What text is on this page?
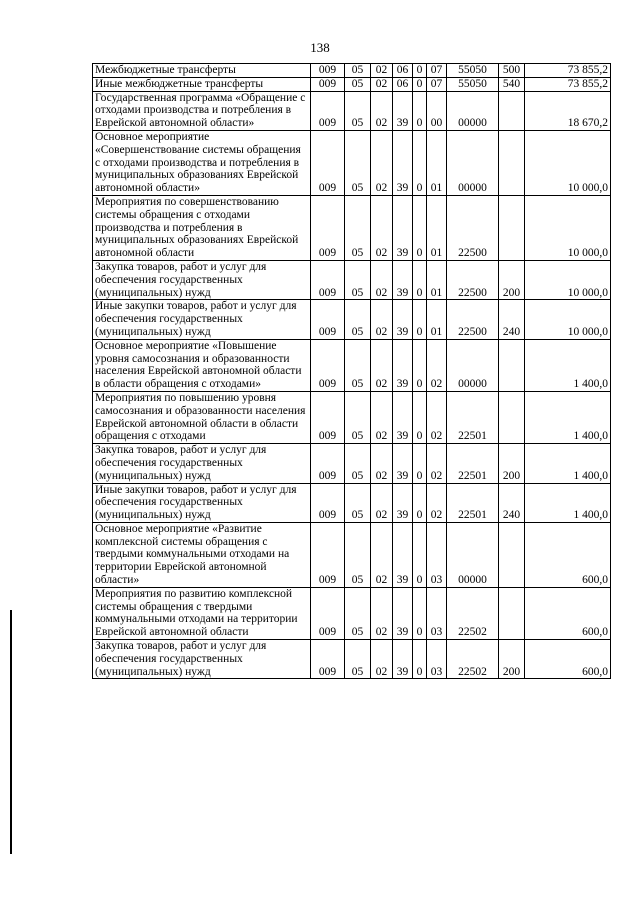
138
Межбюджетные трансферты	009	05	02	06	0	07	55050	500	73 855,2
Иные межбюджетные трансферты	009	05	02	06	0	07	55050	540	73 855,2
Государственная программа «Обращение с отходами производства и потребления в Еврейской автономной области»	009	05	02	39	0	00	00000		18 670,2
Основное мероприятие «Совершенствование системы обращения с отходами производства и потребления в муниципальных образованиях Еврейской автономной области»	009	05	02	39	0	01	00000		10 000,0
Мероприятия по совершенствованию системы обращения с отходами производства и потребления в муниципальных образованиях Еврейской автономной области	009	05	02	39	0	01	22500		10 000,0
Закупка товаров, работ и услуг для обеспечения государственных (муниципальных) нужд	009	05	02	39	0	01	22500	200	10 000,0
Иные закупки товаров, работ и услуг для обеспечения государственных (муниципальных) нужд	009	05	02	39	0	01	22500	240	10 000,0
Основное мероприятие «Повышение уровня самосознания и образованности населения Еврейской автономной области в области обращения с отходами»	009	05	02	39	0	02	00000		1 400,0
Мероприятия по повышению уровня самосознания и образованности населения Еврейской автономной области в области обращения с отходами	009	05	02	39	0	02	22501		1 400,0
Закупка товаров, работ и услуг для обеспечения государственных (муниципальных) нужд	009	05	02	39	0	02	22501	200	1 400,0
Иные закупки товаров, работ и услуг для обеспечения государственных (муниципальных) нужд	009	05	02	39	0	02	22501	240	1 400,0
Основное мероприятие «Развитие комплексной системы обращения с твердыми коммунальными отходами на территории Еврейской автономной области»	009	05	02	39	0	03	00000		600,0
Мероприятия по развитию комплексной системы обращения с твердыми коммунальными отходами на территории Еврейской автономной области	009	05	02	39	0	03	22502		600,0
Закупка товаров, работ и услуг для обеспечения государственных (муниципальных) нужд	009	05	02	39	0	03	22502	200	600,0
